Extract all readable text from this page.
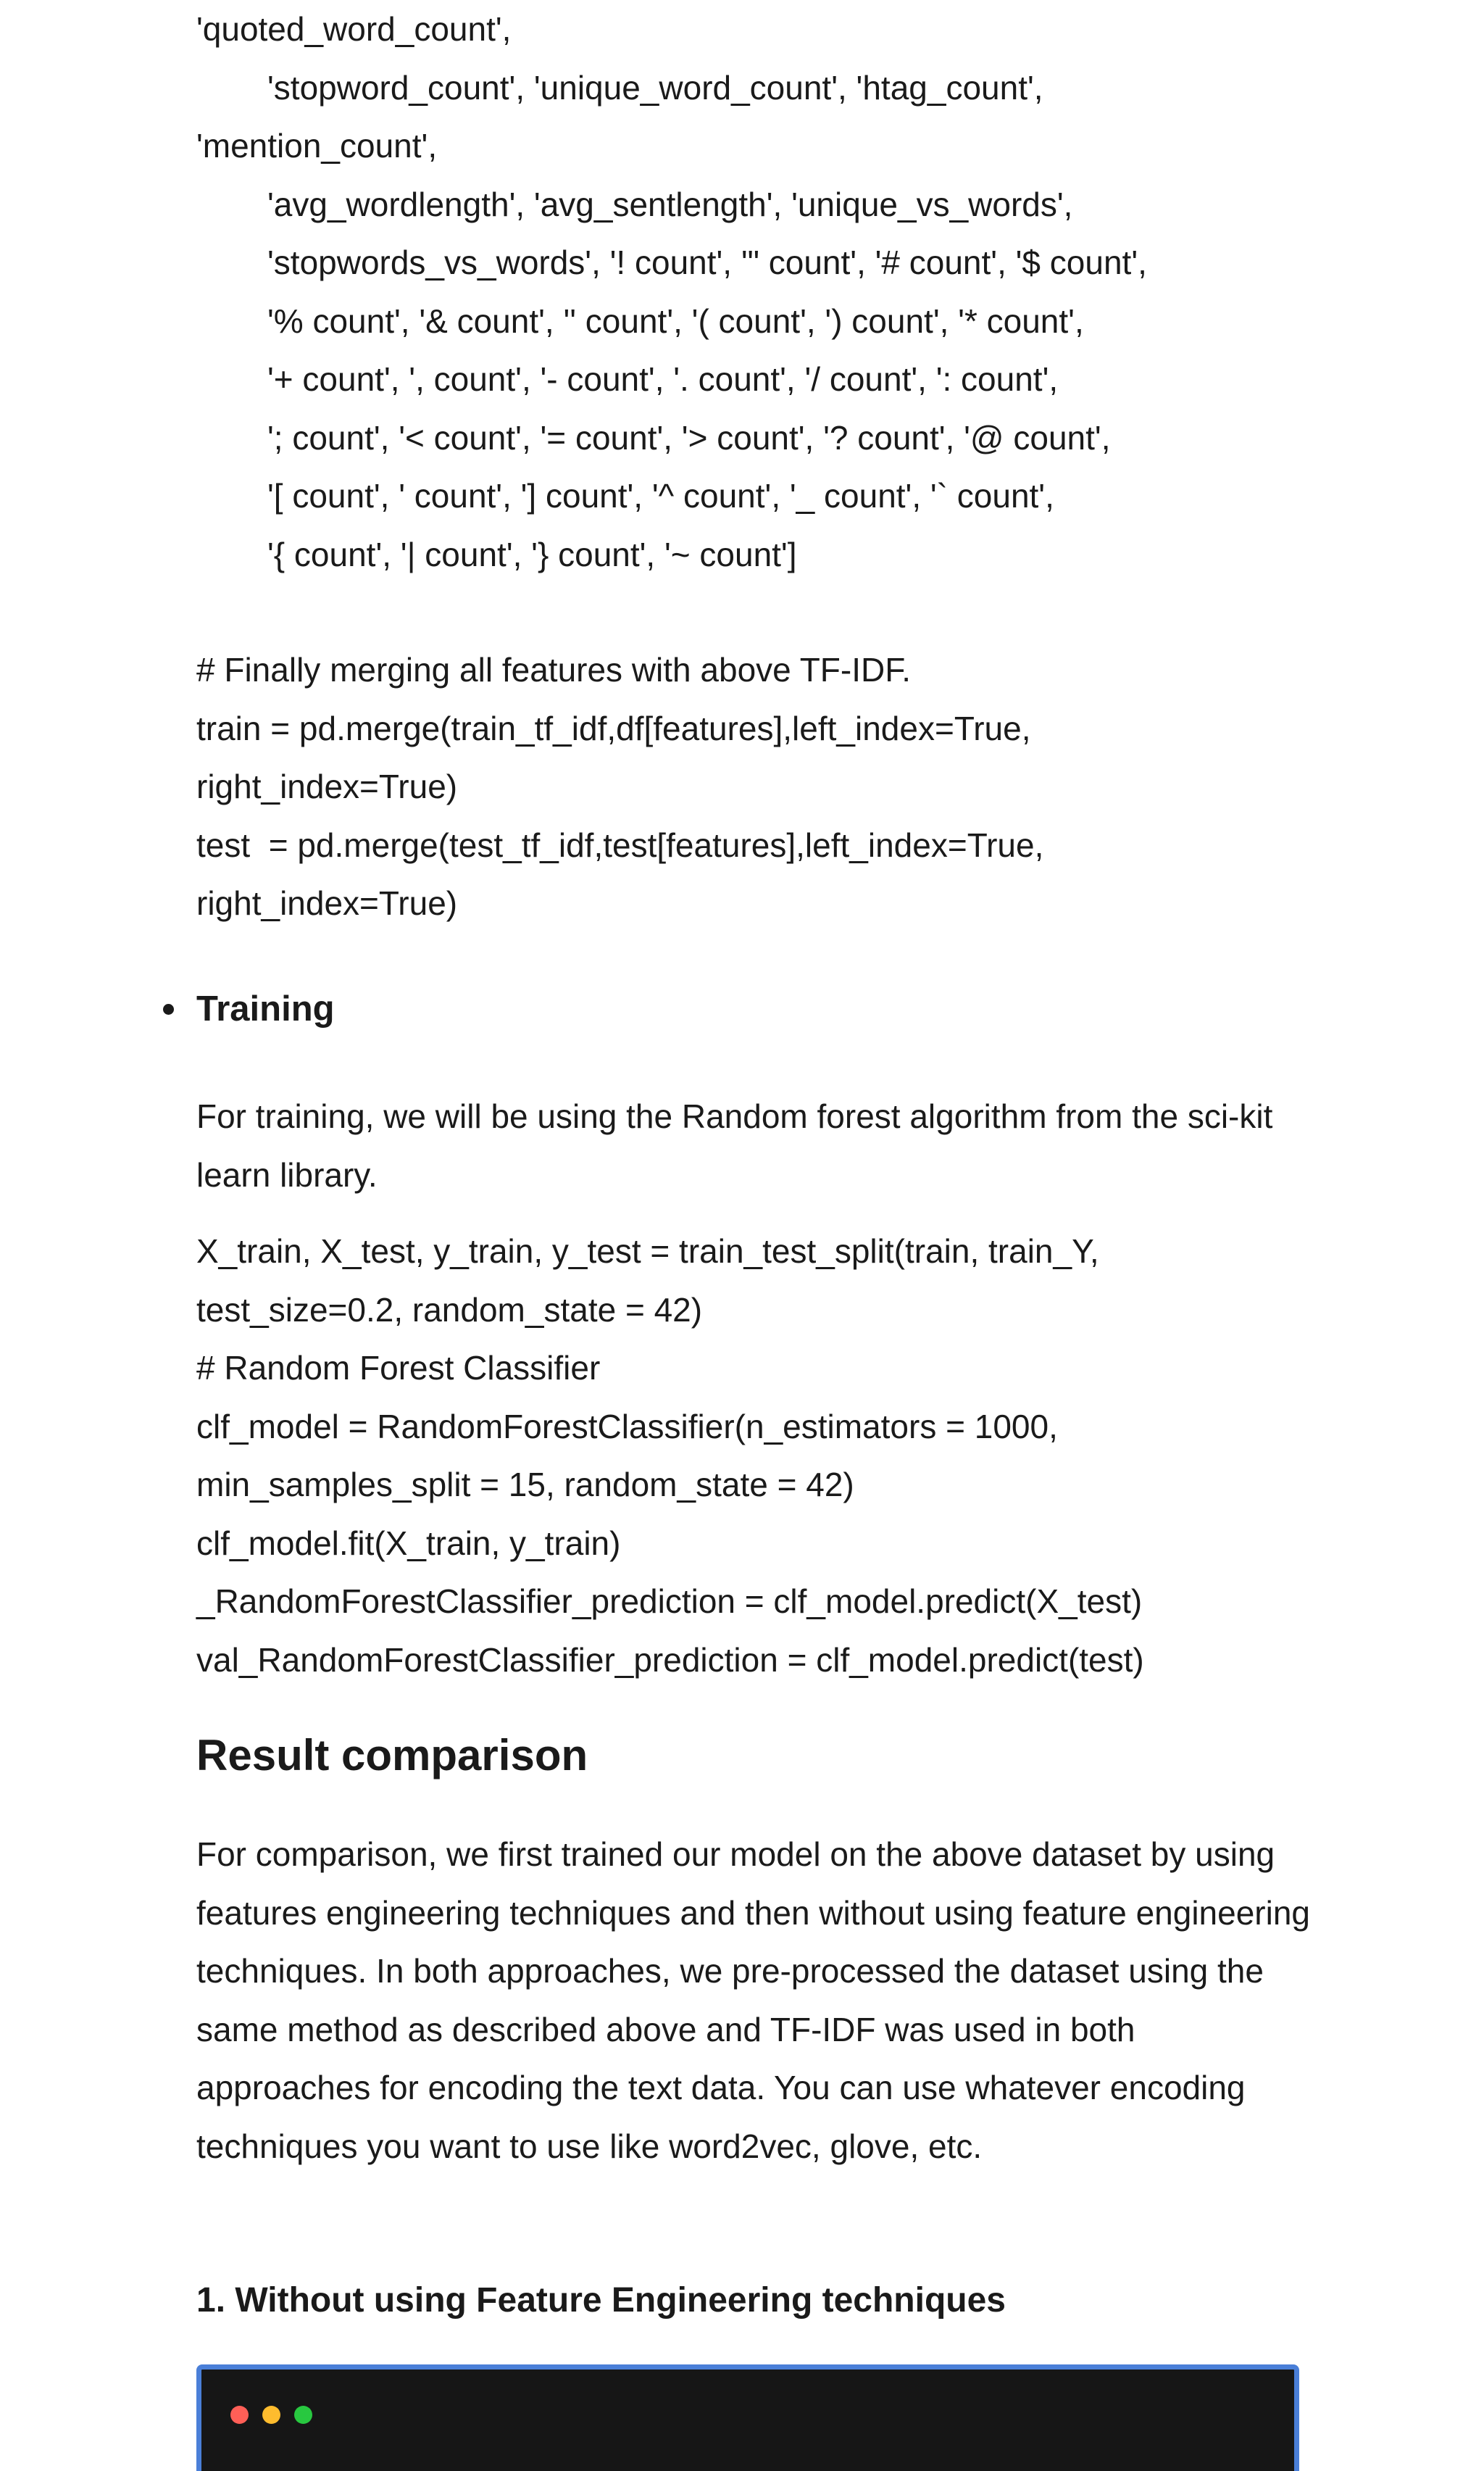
'quoted_word_count',
'stopword_count', 'unique_word_count', 'htag_count',
'mention_count',
'avg_wordlength', 'avg_sentlength', 'unique_vs_words',
'stopwords_vs_words', '! count', '" count', '# count', '$ count',
'% count', '& count', '' count', '( count', ') count', '* count',
'+ count', ', count', '- count', '. count', '/ count', ': count',
'; count', '< count', '= count', '> count', '? count', '@ count',
'[ count', ' count', '] count', '^ count', '_ count', '` count',
'{ count', '| count', '} count', '~ count']
# Finally merging all features with above TF-IDF.
train = pd.merge(train_tf_idf,df[features],left_index=True,
right_index=True)
test  = pd.merge(test_tf_idf,test[features],left_index=True,
right_index=True)
Training
For training, we will be using the Random forest algorithm from the sci-kit learn library.
X_train, X_test, y_train, y_test = train_test_split(train, train_Y,
test_size=0.2, random_state = 42)
# Random Forest Classifier
clf_model = RandomForestClassifier(n_estimators = 1000,
min_samples_split = 15, random_state = 42)
clf_model.fit(X_train, y_train)
_RandomForestClassifier_prediction = clf_model.predict(X_test)
val_RandomForestClassifier_prediction = clf_model.predict(test)
Result comparison
For comparison, we first trained our model on the above dataset by using features engineering techniques and then without using feature engineering techniques. In both approaches, we pre-processed the dataset using the same method as described above and TF-IDF was used in both approaches for encoding the text data. You can use whatever encoding techniques you want to use like word2vec, glove, etc.
1. Without using Feature Engineering techniques
